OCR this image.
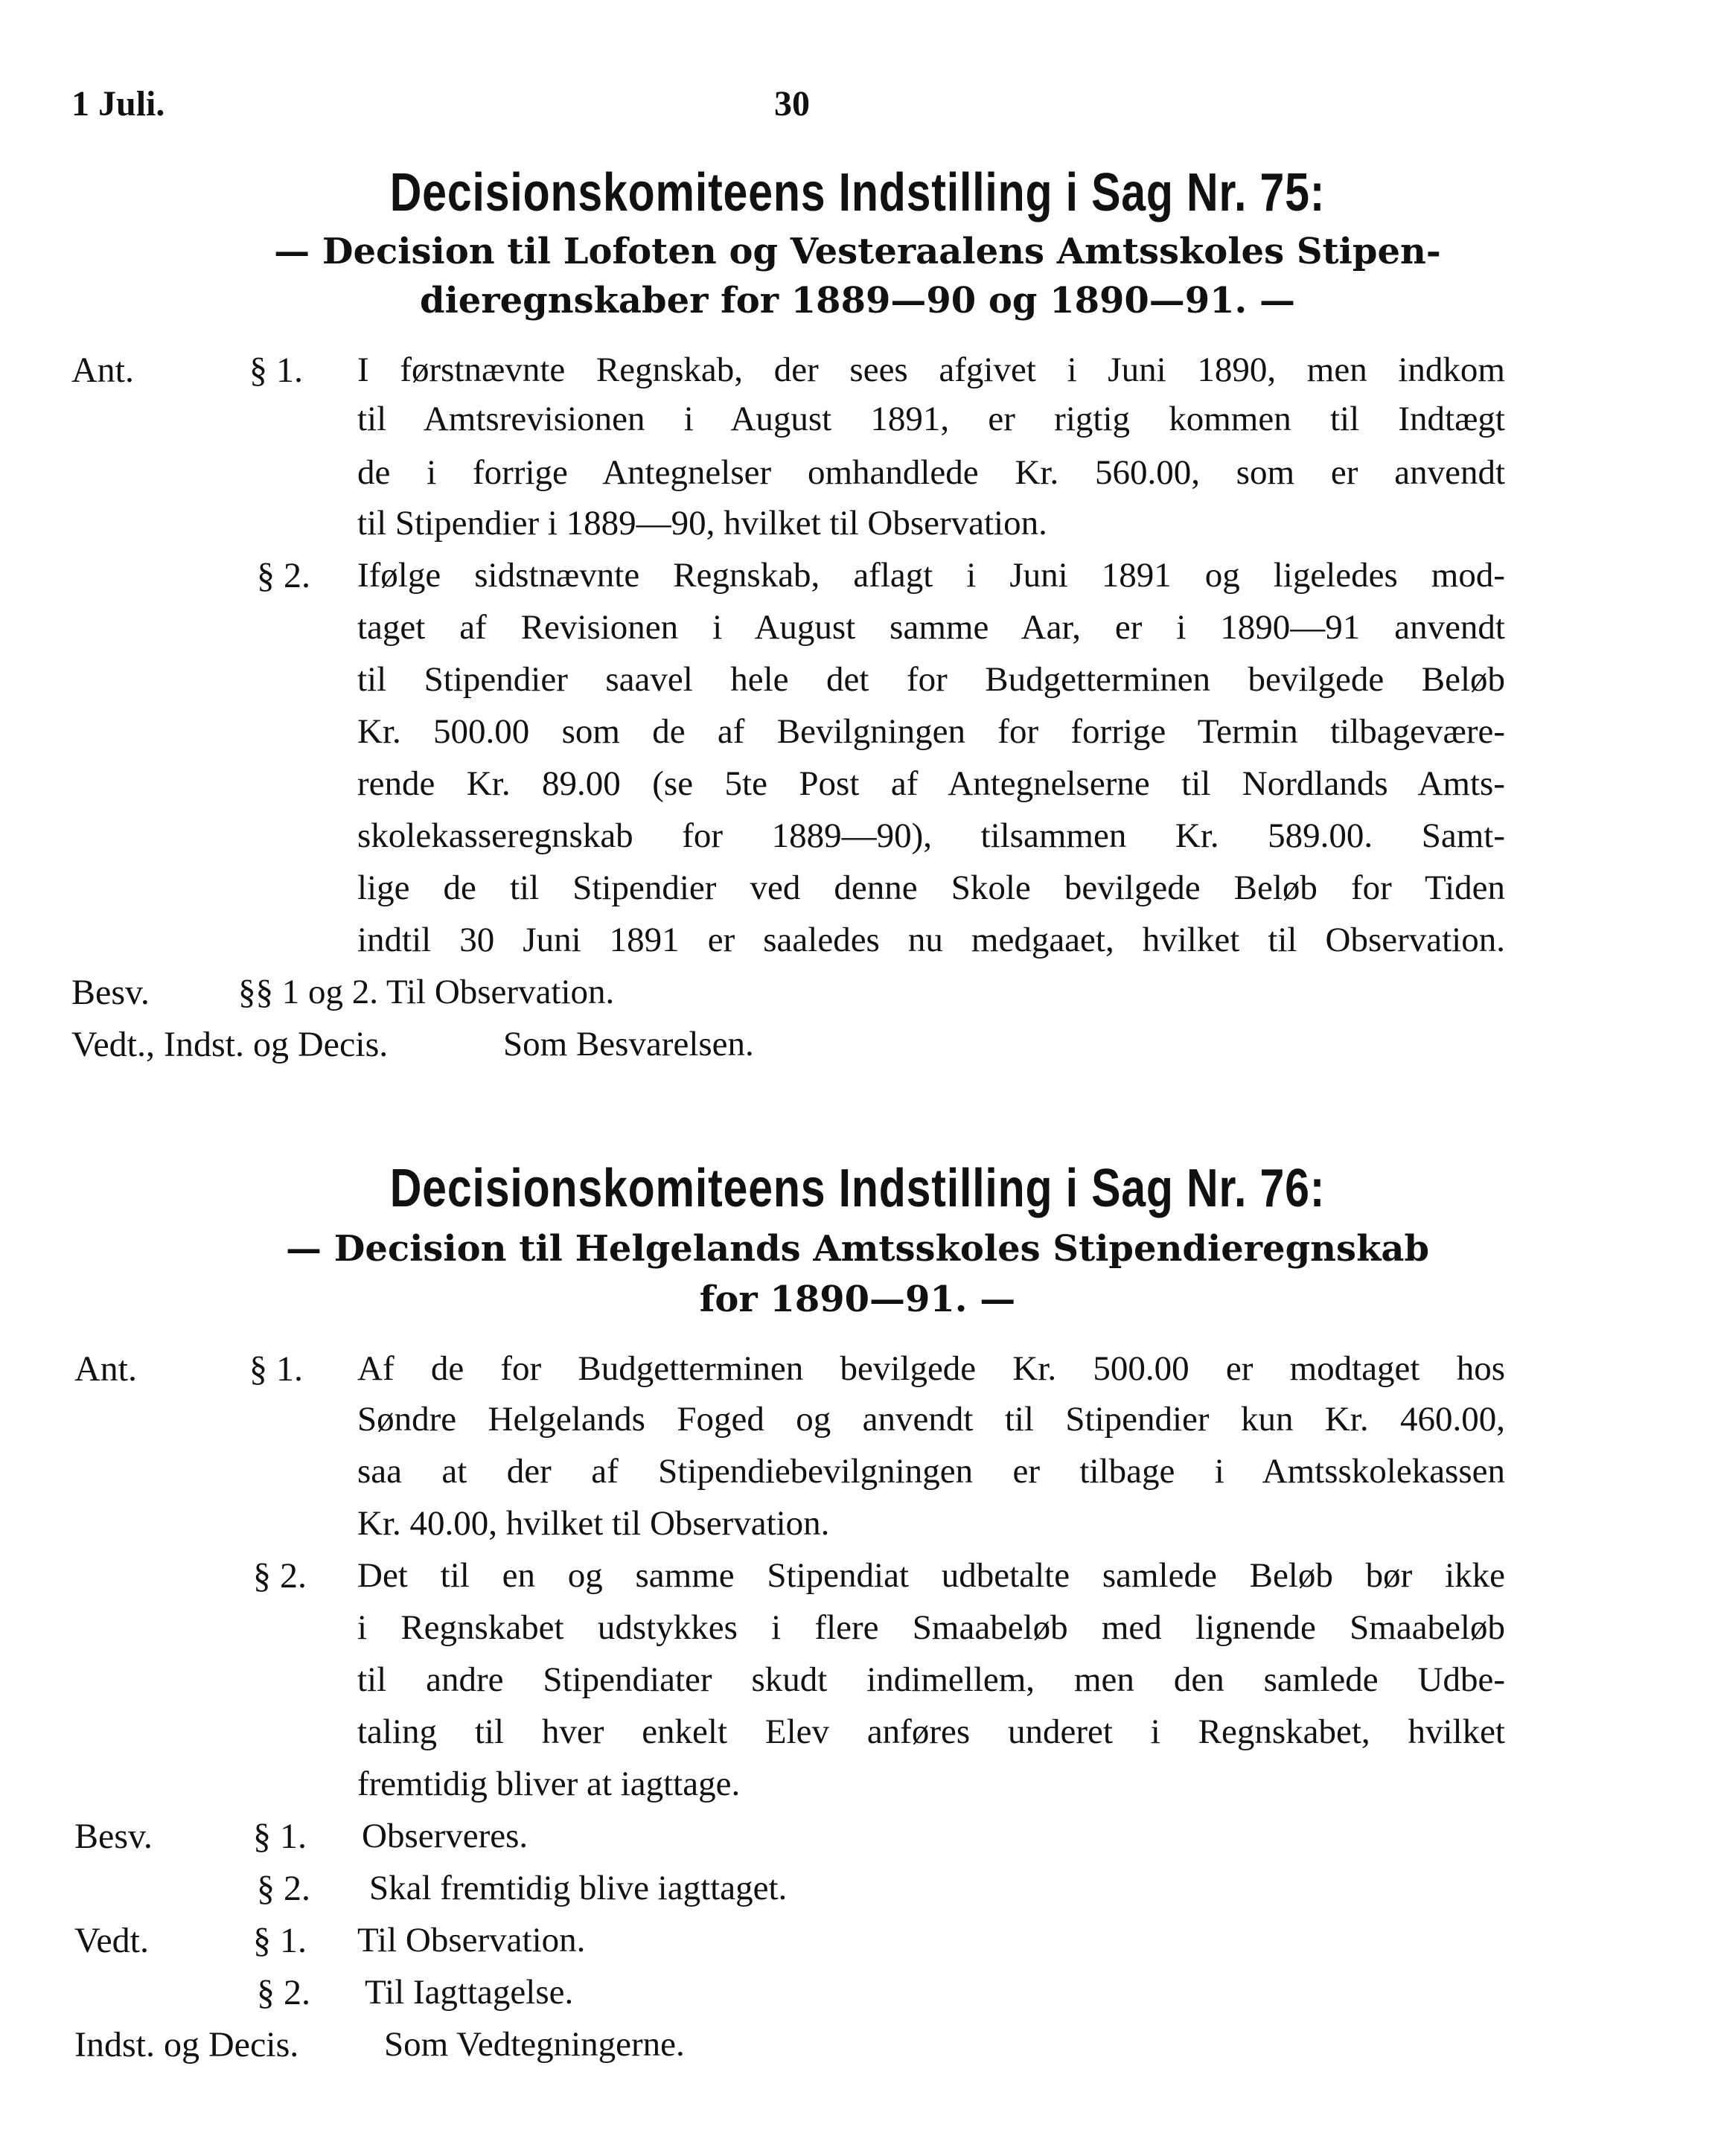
1 Juli.	30
Decisionskomiteens Indstilling i Sag Nr. 75:
— Decision til Lofoten og Vesteraalens Amtsskoles Stipen-
dieregnskaber for 1889—90 og 1890—91. —
Ant.	§ 1. I førstnævnte Regnskab, der sees afgivet i Juni 1890, men indkom
til Amtsrevisionen i August 1891, er rigtig kommen til Indtægt
de i forrige Antegnelser omhandlede Kr. 560.00, som er anvendt
til Stipendier i 1889—90, hvilket til Observation.
§ 2. Ifølge sidstnævnte Regnskab, aflagt i Juni 1891 og ligeledes mod-
taget af Revisionen i August samme Aar, er i 1890—91 anvendt
til Stipendier saavel hele det for Budgetterminen bevilgede Beløb
Kr. 500.00 som de af Bevilgningen for forrige Termin tilbagevære-
rende Kr. 89.00 (se 5te Post af Antegnelserne til Nordlands Amts-
skolekasseregnskab for 1889—90), tilsammen Kr. 589.00. Samt-
lige de til Stipendier ved denne Skole bevilgede Beløb for Tiden
indtil 30 Juni 1891 er saaledes nu medgaaet, hvilket til Observation.
Besv.	§§ 1 og 2. Til Observation.
Vedt., Indst. og Decis.	Som Besvarelsen.
Decisionskomiteens Indstilling i Sag Nr. 76:
— Decision til Helgelands Amtsskoles Stipendieregnskab
for 1890—91. —
Ant.	§ 1. Af de for Budgetterminen bevilgede Kr. 500.00 er modtaget hos
Søndre Helgelands Foged og anvendt til Stipendier kun Kr. 460.00,
saa at der af Stipendiebevilgningen er tilbage i Amtsskolekassen
Kr. 40.00, hvilket til Observation.
§ 2. Det til en og samme Stipendiat udbetalte samlede Beløb bør ikke
i Regnskabet udstykkes i flere Smaabeløb med lignende Smaabeløb
til andre Stipendiater skudt indimellem, men den samlede Udbe-
taling til hver enkelt Elev anføres underet i Regnskabet, hvilket
fremtidig bliver at iagttage.
Besv.	§ 1. Observeres.
§ 2. Skal fremtidig blive iagttaget.
Vedt.	§ 1. Til Observation.
§ 2. Til Iagttagelse.
Indst. og Decis. Som Vedtegningerne.
